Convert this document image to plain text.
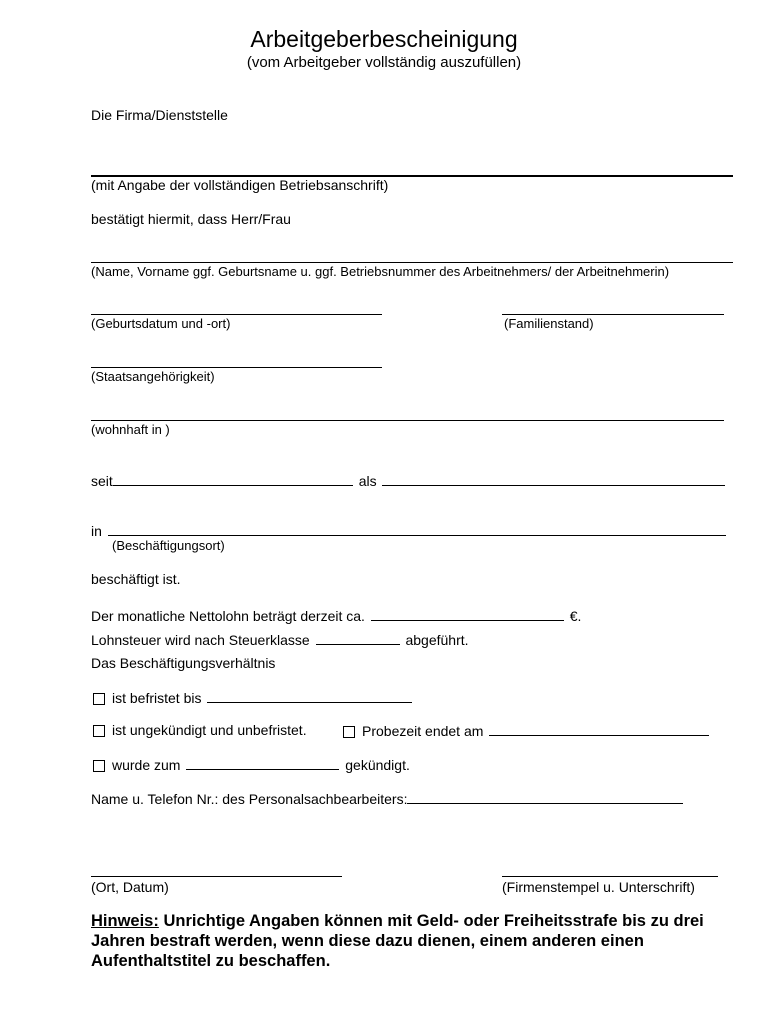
Arbeitgeberbescheinigung
(vom Arbeitgeber vollständig auszufüllen)
Die Firma/Dienststelle
(mit Angabe der vollständigen Betriebsanschrift)
bestätigt hiermit, dass Herr/Frau
(Name, Vorname ggf. Geburtsname u. ggf. Betriebsnummer des Arbeitnehmers/ der Arbeitnehmerin)
(Geburtsdatum und -ort)	(Familienstand)
(Staatsangehörigkeit)
(wohnhaft in )
seit	als
in
(Beschäftigungsort)
beschäftigt ist.
Der monatliche Nettolohn beträgt derzeit ca.	€.
Lohnsteuer wird nach Steuerklasse	abgeführt.
Das Beschäftigungsverhältnis
ist befristet bis
ist ungekündigt und unbefristet.	Probezeit endet am
wurde zum	gekündigt.
Name u. Telefon Nr.: des Personalsachbearbeiters:
(Ort, Datum)	(Firmenstempel u. Unterschrift)
Hinweis: Unrichtige Angaben können mit Geld- oder Freiheitsstrafe bis zu drei Jahren bestraft werden, wenn diese dazu dienen, einem anderen einen Aufenthaltstitel zu beschaffen.
